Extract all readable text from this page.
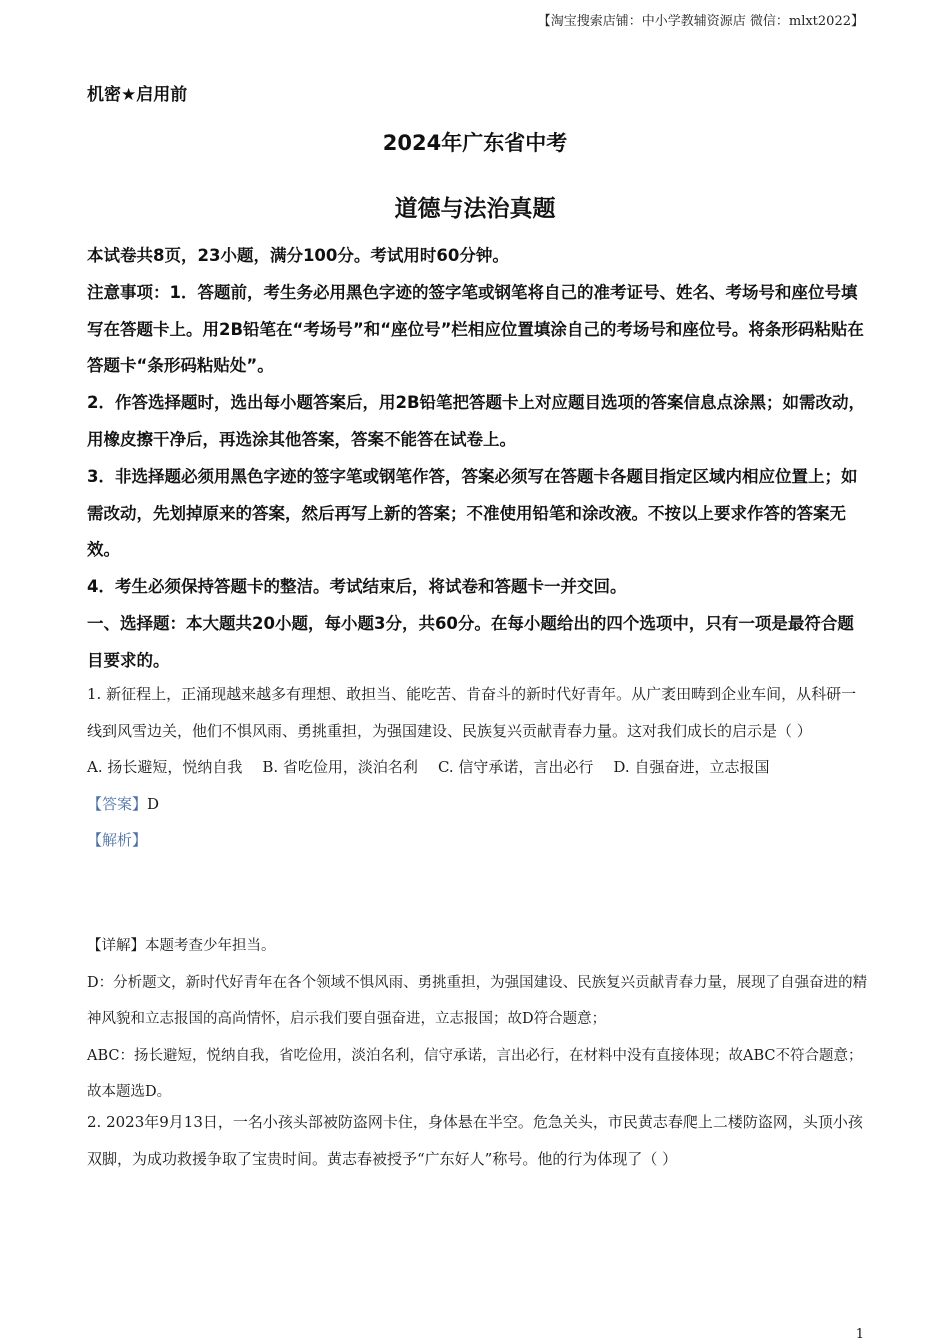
【淘宝搜索店铺：中小学教辅资源店 微信：mlxt2022】
机密★启用前
2024年广东省中考
道德与法治真题

本试卷共8页，23小题，满分100分。考试用时60分钟。

注意事项：1．答题前，考生务必用黑色字迹的签字笔或钢笔将自己的准考证号、姓名、考场号和座位号填写在答题卡上。用2B铅笔在“考场号”和“座位号”栏相应位置填涂自己的考场号和座位号。将条形码粘贴在答题卡“条形码粘贴处”。

2．作答选择题时，选出每小题答案后，用2B铅笔把答题卡上对应题目选项的答案信息点涂黑；如需改动，用橡皮擦干净后，再选涂其他答案，答案不能答在试卷上。

3．非选择题必须用黑色字迹的签字笔或钢笔作答，答案必须写在答题卡各题目指定区域内相应位置上；如需改动，先划掉原来的答案，然后再写上新的答案；不准使用铅笔和涂改液。不按以上要求作答的答案无效。

4．考生必须保持答题卡的整洁。考试结束后，将试卷和答题卡一并交回。

一、选择题：本大题共20小题，每小题3分，共60分。在每小题给出的四个选项中，只有一项是最符合题目要求的。

1. 新征程上，正涌现越来越多有理想、敢担当、能吃苦、肯奋斗的新时代好青年。从广袤田畴到企业车间，从科研一线到风雪边关，他们不惧风雨、勇挑重担，为强国建设、民族复兴贡献青春力量。这对我们成长的启示是（ ）

A. 扬长避短，悦纳自我 B. 省吃俭用，淡泊名利 C. 信守承诺，言出必行 D. 自强奋进，立志报国

【答案】D

【解析】

【详解】本题考查少年担当。

D：分析题文，新时代好青年在各个领域不惧风雨、勇挑重担，为强国建设、民族复兴贡献青春力量，展现了自强奋进的精神风貌和立志报国的高尚情怀，启示我们要自强奋进，立志报国；故D符合题意；

ABC：扬长避短，悦纳自我，省吃俭用，淡泊名利，信守承诺，言出必行，在材料中没有直接体现；故ABC不符合题意；

故本题选D。

2. 2023年9月13日，一名小孩头部被防盗网卡住，身体悬在半空。危急关头，市民黄志春爬上二楼防盗网，头顶小孩双脚，为成功救援争取了宝贵时间。黄志春被授予“广东好人”称号。他的行为体现了（ ）

1
